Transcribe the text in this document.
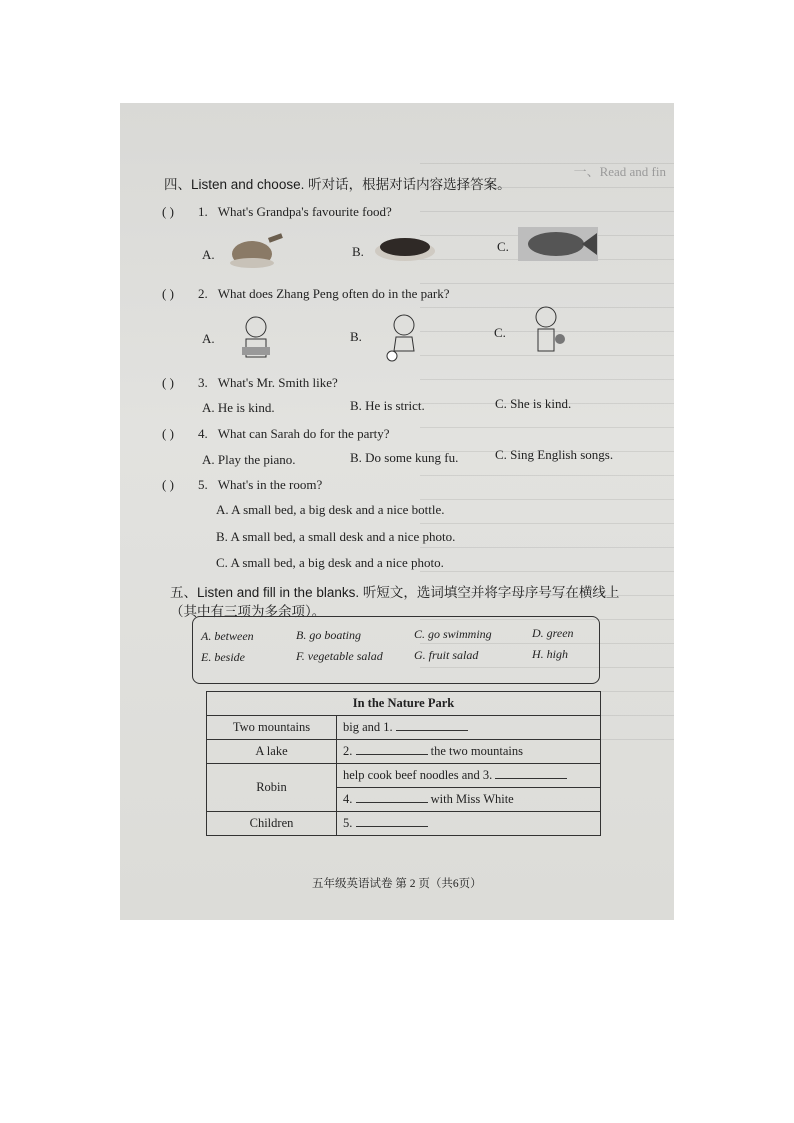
一、Read and fin
四、Listen and choose. 听对话，根据对话内容选择答案。
( )	1. What's Grandpa's favourite food?
A.	B.	C.
( )	2. What does Zhang Peng often do in the park?
A.	B.	C.
( )	3. What's Mr. Smith like?
A. He is kind.	B. He is strict.	C. She is kind.
( )	4. What can Sarah do for the party?
A. Play the piano.	B. Do some kung fu.	C. Sing English songs.
( )	5. What's in the room?
A. A small bed, a big desk and a nice bottle.
B. A small bed, a small desk and a nice photo.
C. A small bed, a big desk and a nice photo.
五、Listen and fill in the blanks. 听短文，选词填空并将字母序号写在横线上（其中有三项为多余项）。
A. between	B. go boating	C. go swimming	D. green
E. beside	F. vegetable salad	G. fruit salad	H. high
In the Nature Park	
Two mountains	big and 1.
A lake	2. the two mountains
Robin	help cook beef noodles and 3.
	4. with Miss White
Children	5.
五年级英语试卷 第 2 页（共6页）
